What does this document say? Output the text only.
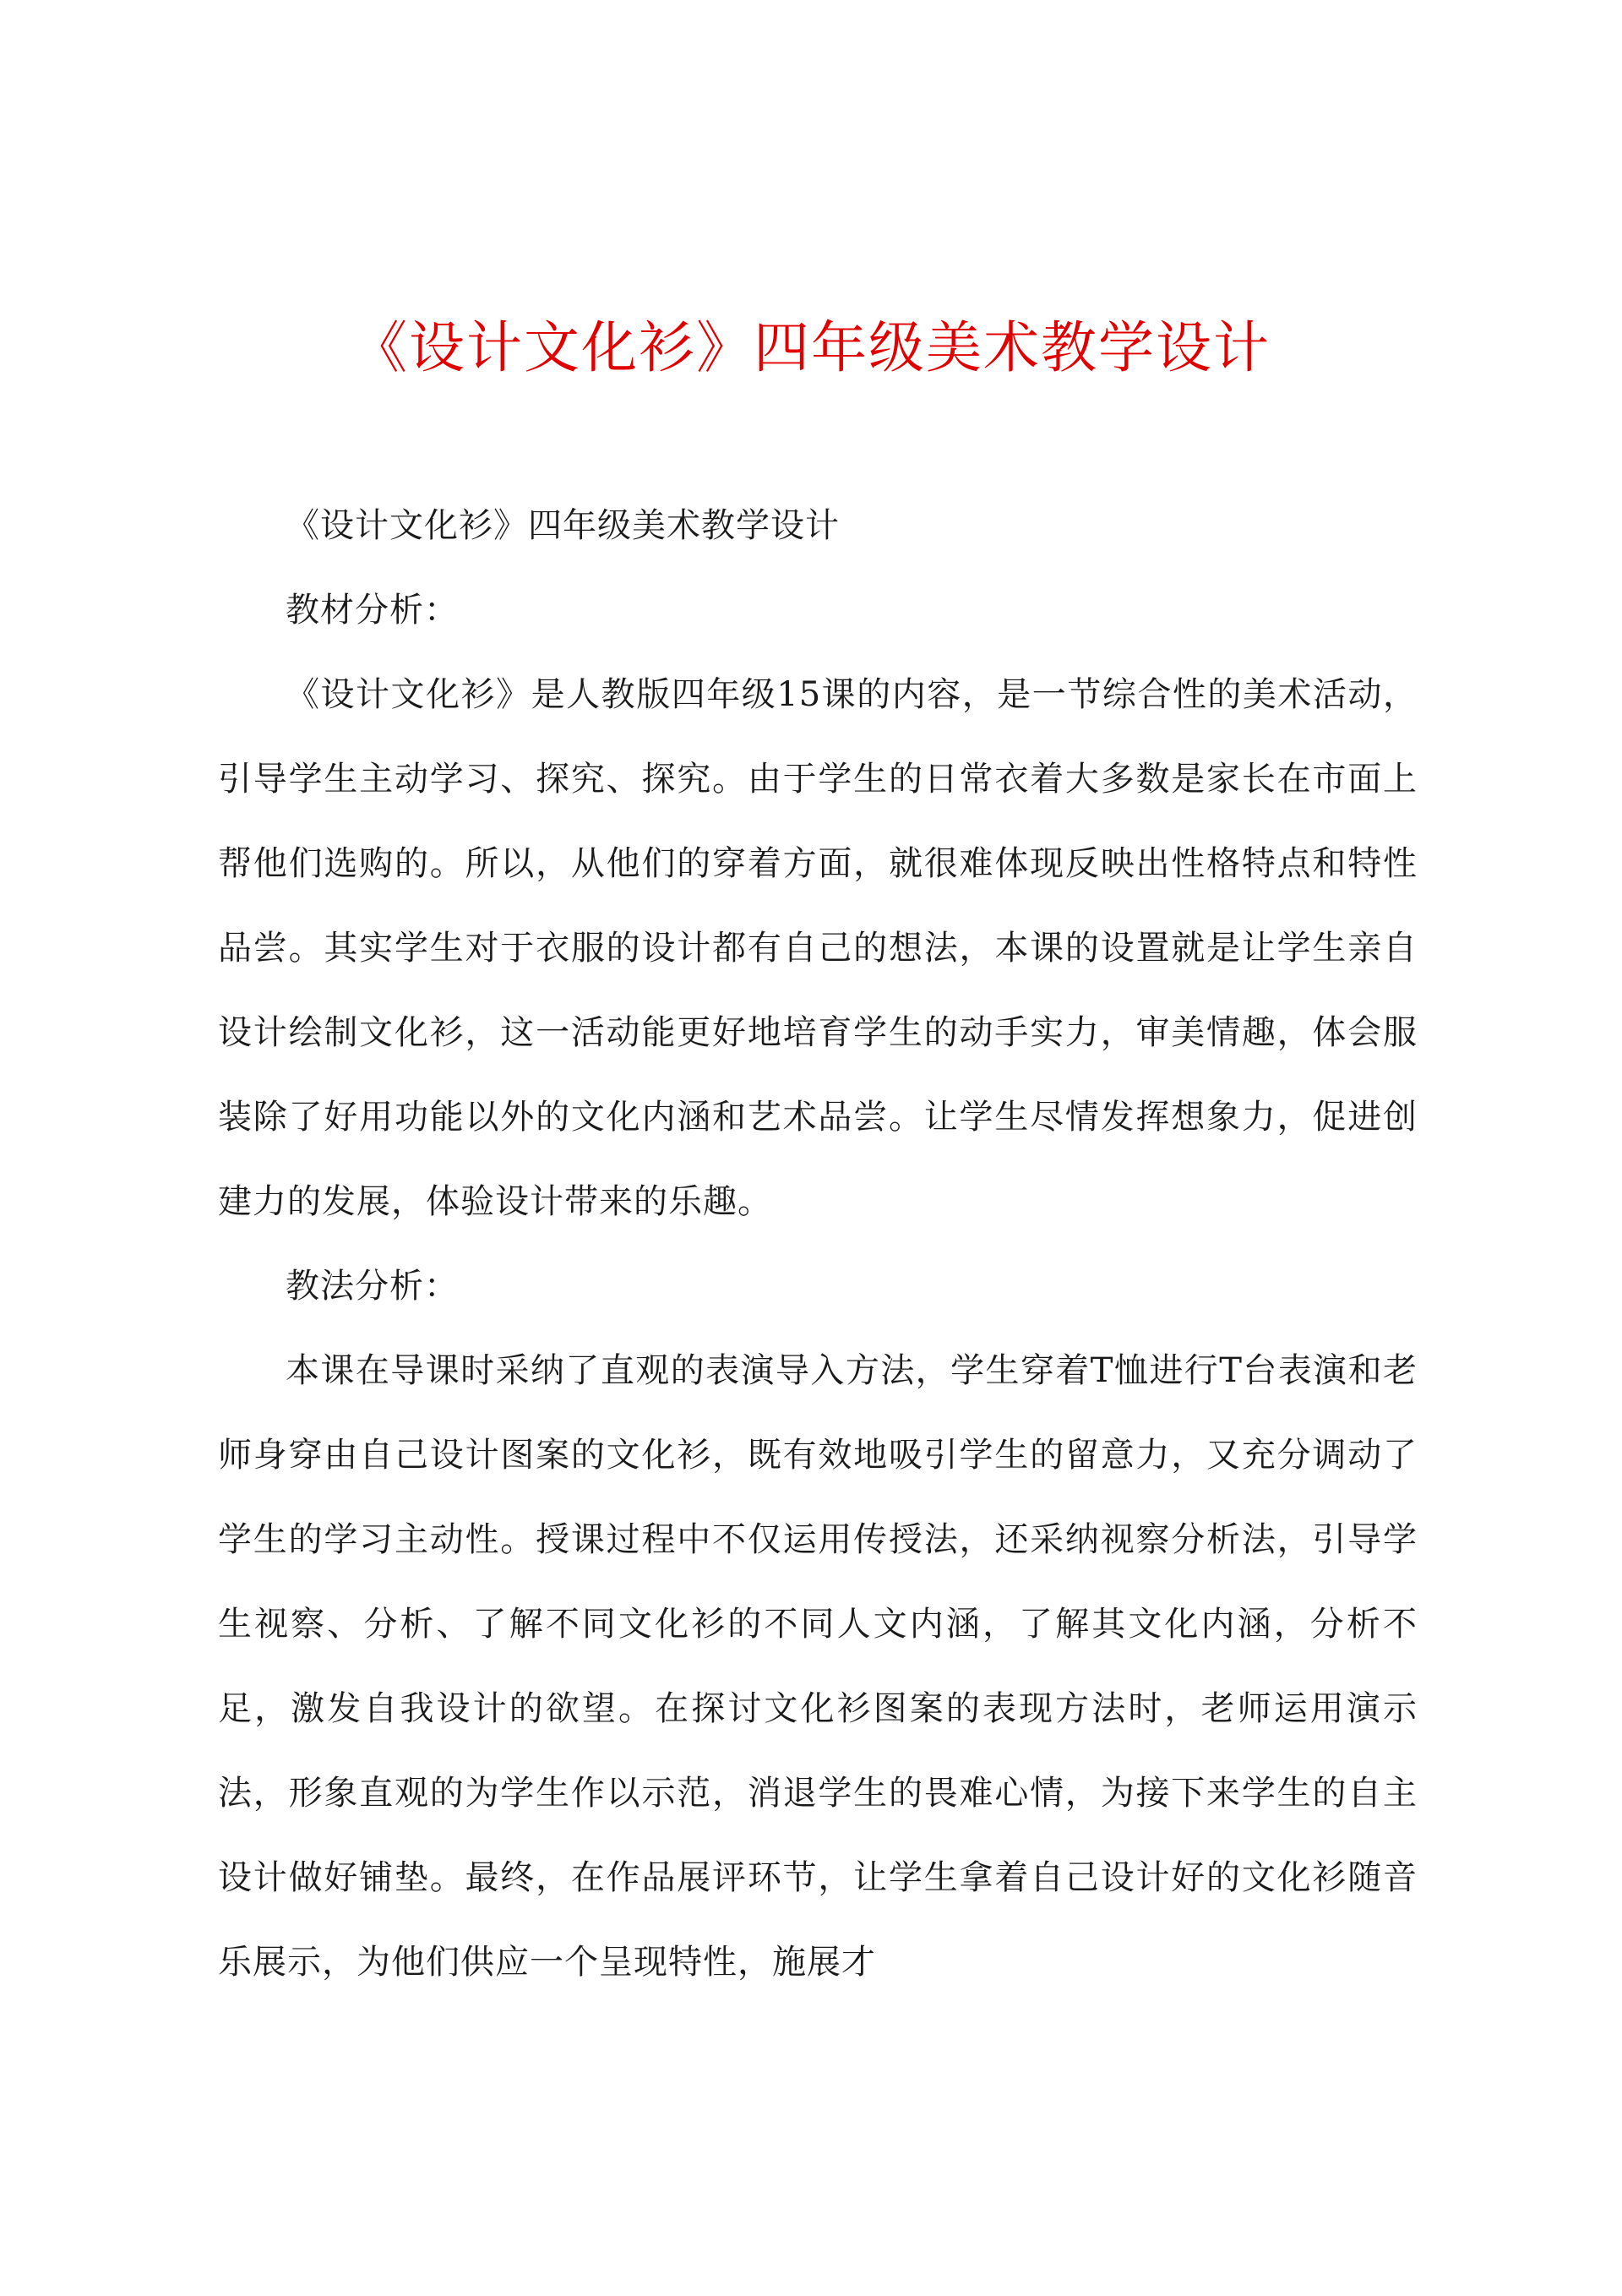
《设计文化衫》四年级美术教学设计

《设计文化衫》四年级美术教学设计

教材分析：

《设计文化衫》是人教版四年级15课的内容，是一节综合性的美术活动，引导学生主动学习、探究、探究。由于学生的日常衣着大多数是家长在市面上帮他们选购的。所以，从他们的穿着方面，就很难体现反映出性格特点和特性品尝。其实学生对于衣服的设计都有自己的想法，本课的设置就是让学生亲自设计绘制文化衫，这一活动能更好地培育学生的动手实力，审美情趣，体会服装除了好用功能以外的文化内涵和艺术品尝。让学生尽情发挥想象力，促进创建力的发展，体验设计带来的乐趣。

教法分析：

本课在导课时采纳了直观的表演导入方法，学生穿着T恤进行T台表演和老师身穿由自己设计图案的文化衫，既有效地吸引学生的留意力，又充分调动了学生的学习主动性。授课过程中不仅运用传授法，还采纳视察分析法，引导学生视察、分析、了解不同文化衫的不同人文内涵，了解其文化内涵，分析不足，激发自我设计的欲望。在探讨文化衫图案的表现方法时，老师运用演示法，形象直观的为学生作以示范，消退学生的畏难心情，为接下来学生的自主设计做好铺垫。最终，在作品展评环节，让学生拿着自己设计好的文化衫随音乐展示，为他们供应一个呈现特性，施展才
